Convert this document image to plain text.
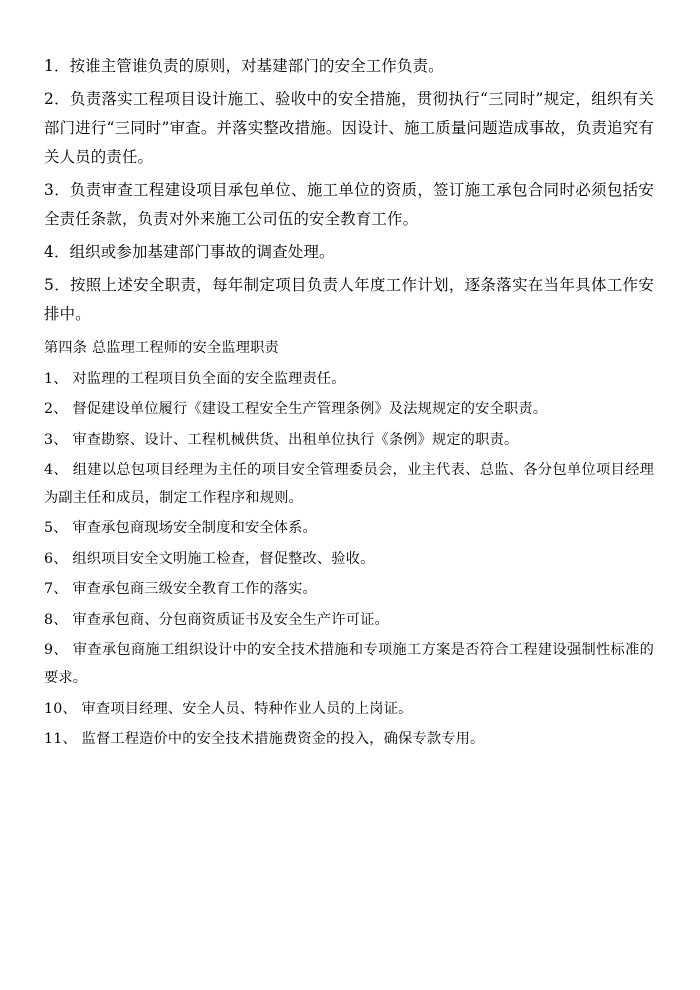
1．按谁主管谁负责的原则，对基建部门的安全工作负责。

2．负责落实工程项目设计施工、验收中的安全措施，贯彻执行“三同时”规定，组织有关部门进行“三同时”审查。并落实整改措施。因设计、施工质量问题造成事故，负责追究有关人员的责任。

3．负责审查工程建设项目承包单位、施工单位的资质，签订施工承包合同时必须包括安全责任条款，负责对外来施工公司伍的安全教育工作。

4．组织或参加基建部门事故的调查处理。

5．按照上述安全职责，每年制定项目负责人年度工作计划，逐条落实在当年具体工作安排中。

第四条 总监理工程师的安全监理职责

1、 对监理的工程项目负全面的安全监理责任。

2、 督促建设单位履行《建设工程安全生产管理条例》及法规规定的安全职责。

3、 审查勘察、设计、工程机械供货、出租单位执行《条例》规定的职责。

4、 组建以总包项目经理为主任的项目安全管理委员会，业主代表、总监、各分包单位项目经理为副主任和成员，制定工作程序和规则。

5、 审查承包商现场安全制度和安全体系。

6、 组织项目安全文明施工检查，督促整改、验收。

7、 审查承包商三级安全教育工作的落实。

8、 审查承包商、分包商资质证书及安全生产许可证。

9、 审查承包商施工组织设计中的安全技术措施和专项施工方案是否符合工程建设强制性标准的要求。

10、 审查项目经理、安全人员、特种作业人员的上岗证。

11、 监督工程造价中的安全技术措施费资金的投入，确保专款专用。
